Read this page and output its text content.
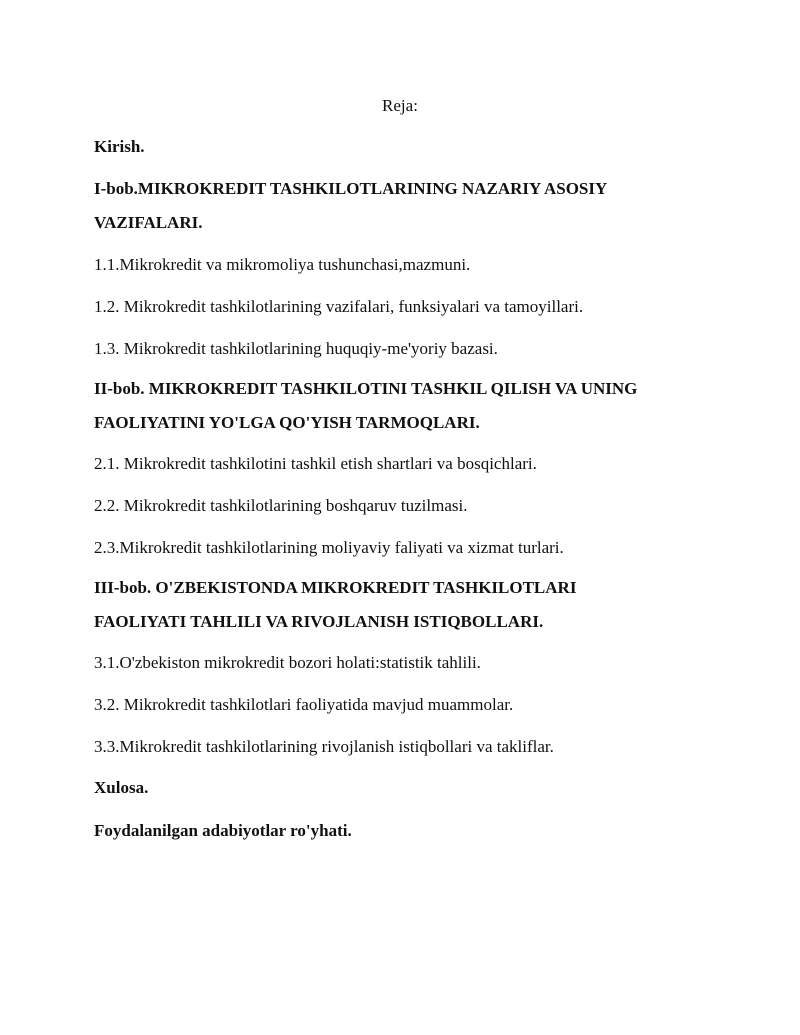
Reja:
Kirish.
I-bob.MIKROKREDIT TASHKILOTLARINING NAZARIY ASOSIY
VAZIFALARI.
1.1.Mikrokredit va mikromoliya tushunchasi,mazmuni.
1.2. Mikrokredit tashkilotlarining vazifalari, funksiyalari va tamoyillari.
1.3. Mikrokredit tashkilotlarining huquqiy-me'yoriy bazasi.
II-bob. MIKROKREDIT TASHKILOTINI TASHKIL QILISH VA UNING
FAOLIYATINI YO'LGA QO'YISH TARMOQLARI.
2.1. Mikrokredit tashkilotini tashkil etish shartlari va bosqichlari.
2.2. Mikrokredit tashkilotlarining boshqaruv tuzilmasi.
2.3.Mikrokredit tashkilotlarining moliyaviy faliyati va xizmat turlari.
III-bob. O'ZBEKISTONDA MIKROKREDIT TASHKILOTLARI
FAOLIYATI TAHLILI VA RIVOJLANISH ISTIQBOLLARI.
3.1.O'zbekiston mikrokredit bozori holati:statistik tahlili.
3.2. Mikrokredit tashkilotlari faoliyatida mavjud muammolar.
3.3.Mikrokredit tashkilotlarining rivojlanish istiqbollari va takliflar.
Xulosa.
Foydalanilgan adabiyotlar ro'yhati.
